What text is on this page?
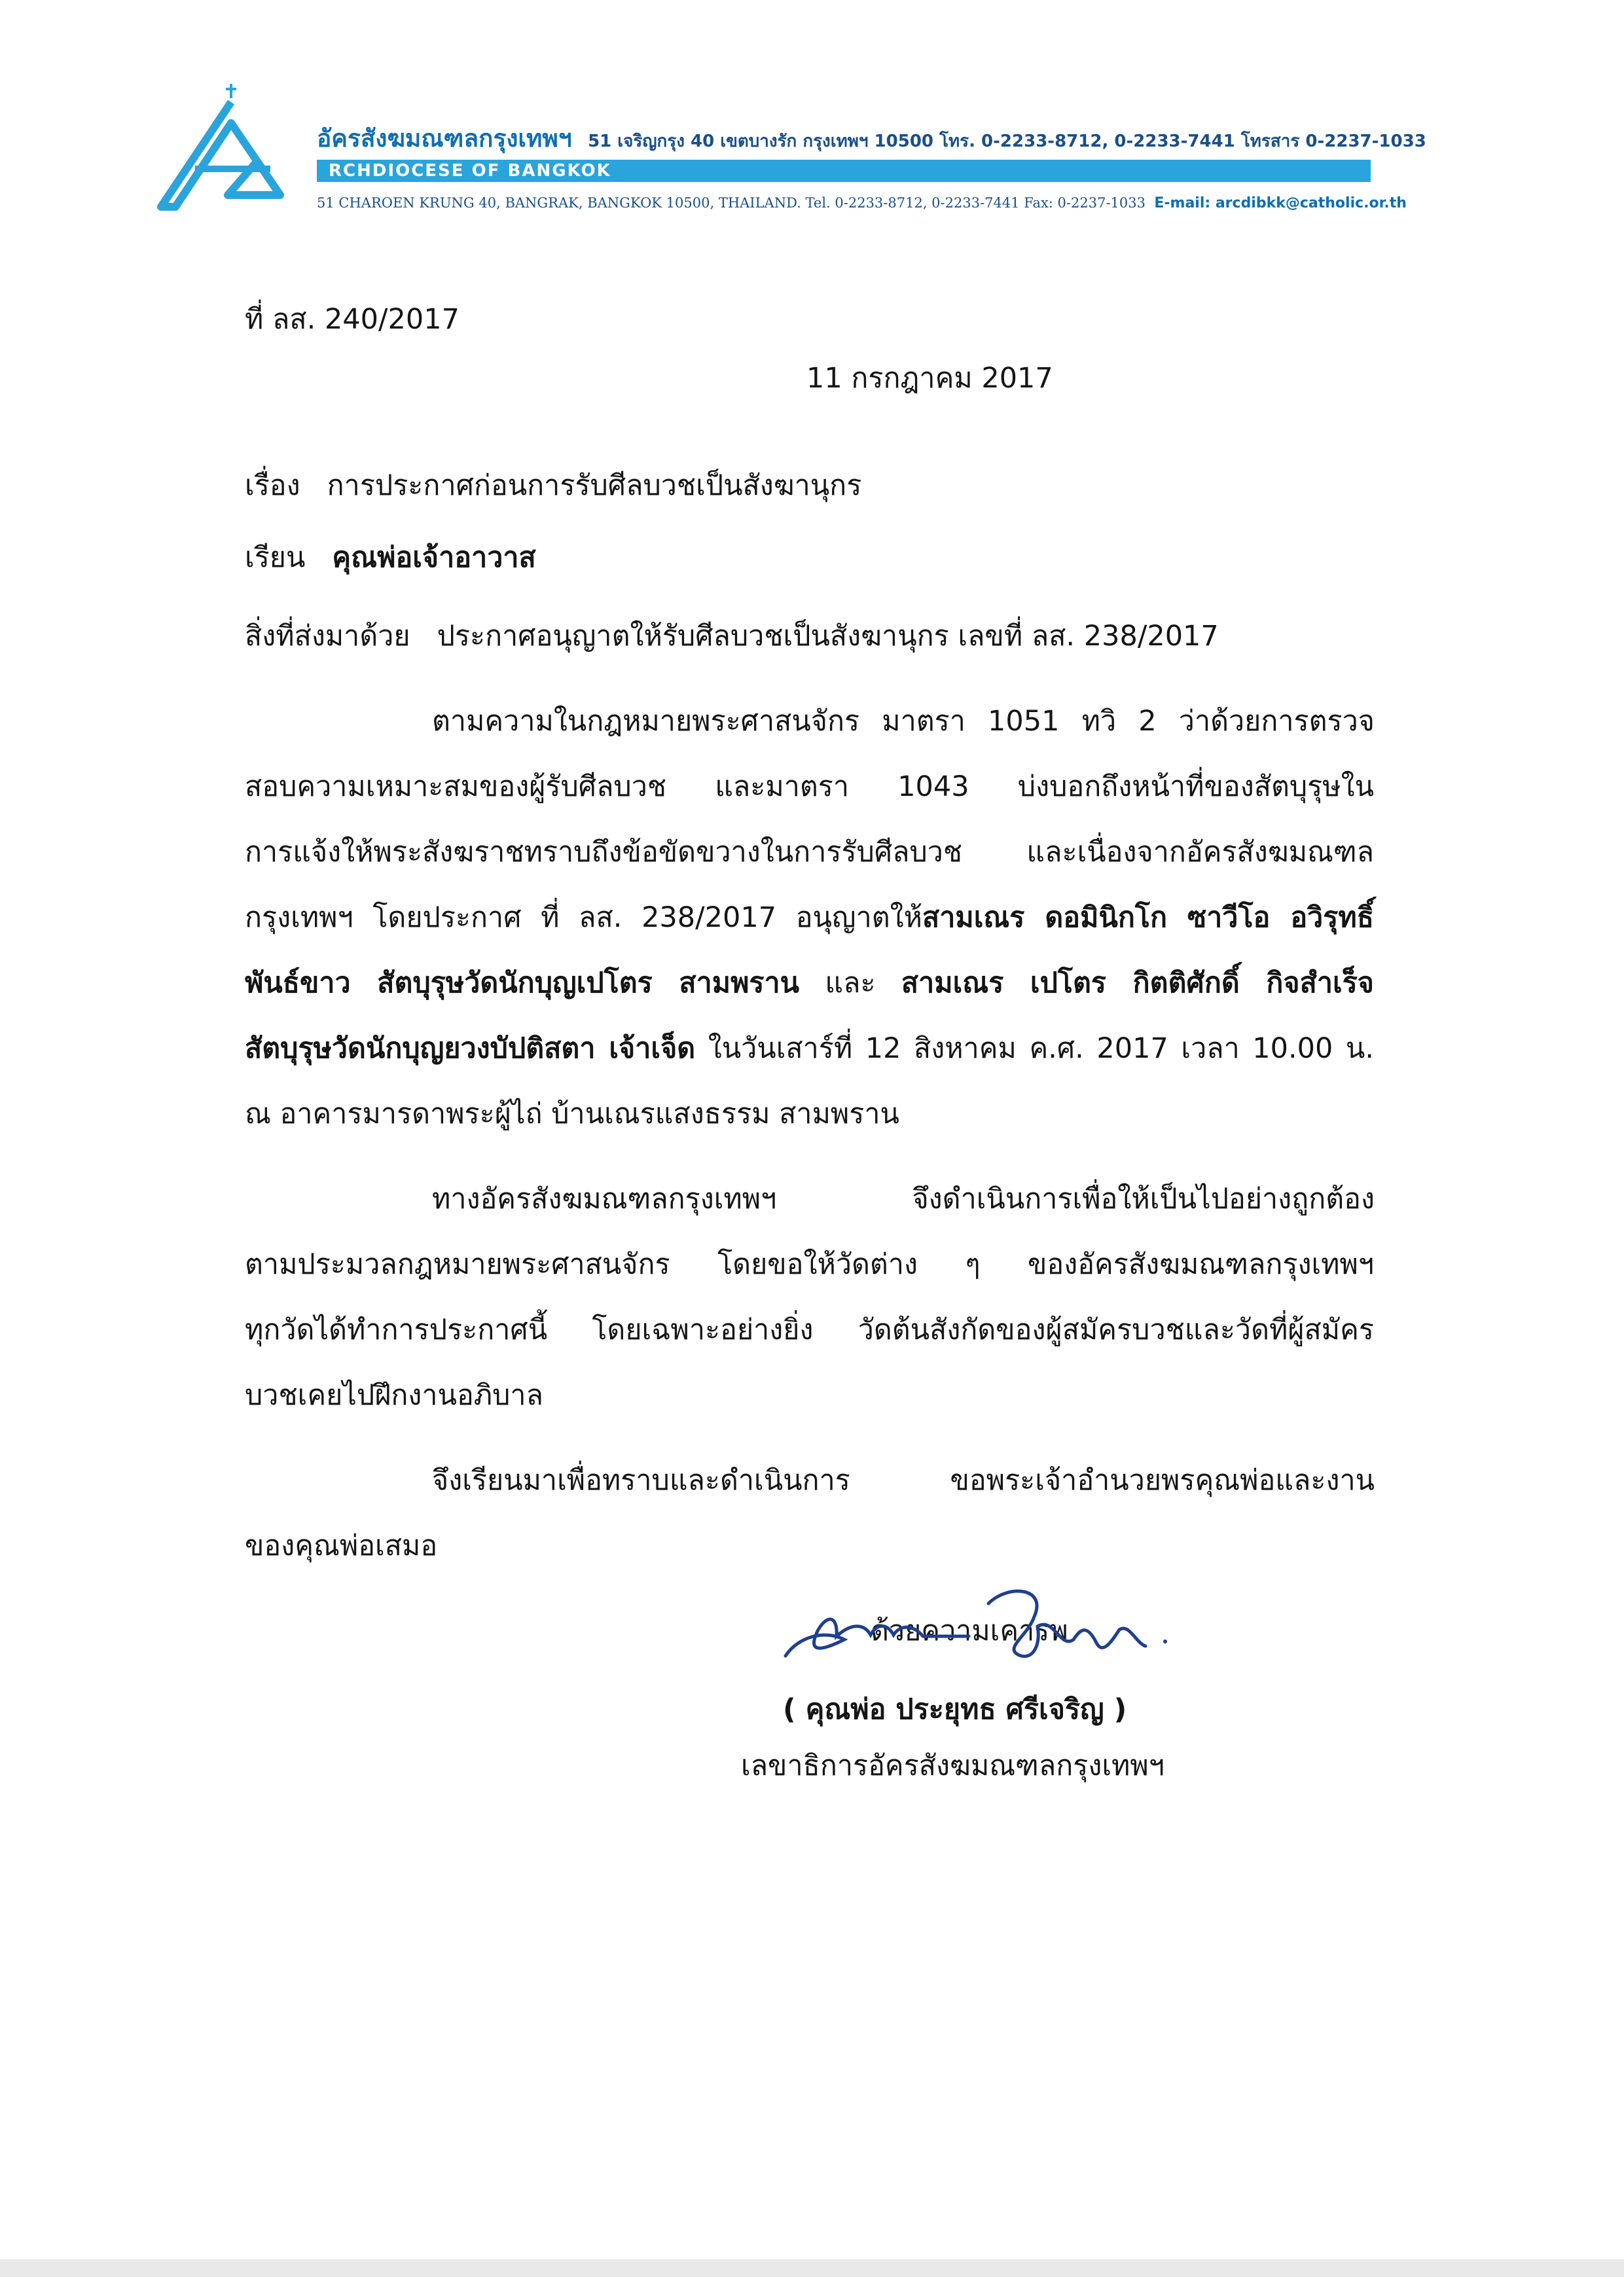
อัครสังฆมณฑลกรุงเทพฯ 51 เจริญกรุง 40 เขตบางรัก กรุงเทพฯ 10500 โทร. 0-2233-8712, 0-2233-7441 โทรสาร 0-2237-1033
RCHDIOCESE OF BANGKOK
51 CHAROEN KRUNG 40, BANGRAK, BANGKOK 10500, THAILAND. Tel. 0-2233-8712, 0-2233-7441 Fax: 0-2237-1033 E-mail: arcdibkk@catholic.or.th
ที่ ลส. 240/2017
11 กรกฎาคม 2017
เรื่อง การประกาศก่อนการรับศีลบวชเป็นสังฆานุกร
เรียน คุณพ่อเจ้าอาวาส
สิ่งที่ส่งมาด้วย ประกาศอนุญาตให้รับศีลบวชเป็นสังฆานุกร เลขที่ ลส. 238/2017
ตามความในกฎหมายพระศาสนจักร มาตรา 1051 ทวิ 2 ว่าด้วยการตรวจ
สอบความเหมาะสมของผู้รับศีลบวช และมาตรา 1043 บ่งบอกถึงหน้าที่ของสัตบุรุษใน
การแจ้งให้พระสังฆราชทราบถึงข้อขัดขวางในการรับศีลบวช และเนื่องจากอัครสังฆมณฑล
กรุงเทพฯ โดยประกาศ ที่ ลส. 238/2017 อนุญาตให้สามเณร ดอมินิกโก ซาวีโอ อวิรุทธิ์
พันธ์ขาว สัตบุรุษวัดนักบุญเปโตร สามพราน และ สามเณร เปโตร กิตติศักดิ์ กิจสำเร็จ
สัตบุรุษวัดนักบุญยวงบัปติสตา เจ้าเจ็ด ในวันเสาร์ที่ 12 สิงหาคม ค.ศ. 2017 เวลา 10.00 น.
ณ อาคารมารดาพระผู้ไถ่ บ้านเณรแสงธรรม สามพราน
ทางอัครสังฆมณฑลกรุงเทพฯ จึงดำเนินการเพื่อให้เป็นไปอย่างถูกต้อง
ตามประมวลกฎหมายพระศาสนจักร โดยขอให้วัดต่าง ๆ ของอัครสังฆมณฑลกรุงเทพฯ
ทุกวัดได้ทำการประกาศนี้ โดยเฉพาะอย่างยิ่ง วัดต้นสังกัดของผู้สมัครบวชและวัดที่ผู้สมัคร
บวชเคยไปฝึกงานอภิบาล
จึงเรียนมาเพื่อทราบและดำเนินการ ขอพระเจ้าอำนวยพรคุณพ่อและงาน
ของคุณพ่อเสมอ
ด้วยความเคารพ
( คุณพ่อ ประยุทธ ศรีเจริญ )
เลขาธิการอัครสังฆมณฑลกรุงเทพฯ
